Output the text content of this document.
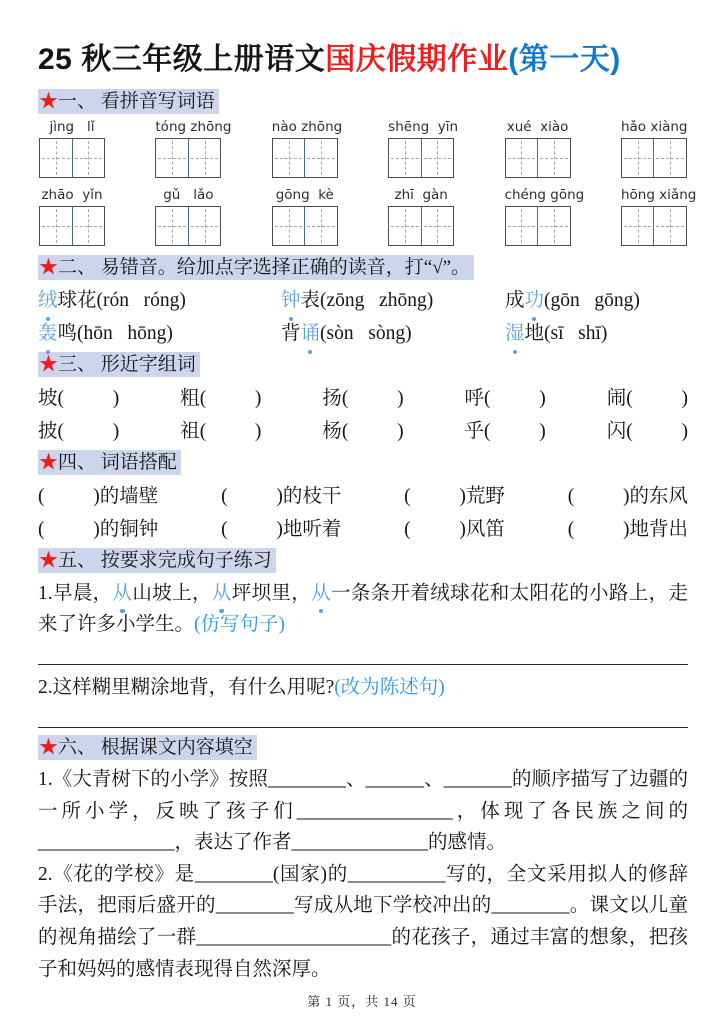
25 秋三年级上册语文国庆假期作业(第一天)
★一、 看拼音写词语
jìng   lǐ	tóng zhōng	nào zhōng	shēng  yīn	xué  xiào	hǎo xiàng
zhāo  yǐn	gǔ   lǎo	gōng  kè	zhī  gàn	chéng gōng	hōng xiǎng
★二、 易错音。给加点字选择正确的读音，打“√”。
绒球花(rón   róng)	钟表(zōng   zhōng)	成功(gōn   gōng)
轰鸣(hōn   hōng)	背诵(sòn   sòng)	湿地(sī   shī)
★三、 形近字组词
坡(          )	粗(          )	扬(          )	呼(          )	闹(          )
披(          )	祖(          )	杨(          )	乎(          )	闪(          )
★四、 词语搭配
(          )的墙壁	(          )的枝干	(          )荒野	(          )的东风
(          )的铜钟	(          )地听着	(          )风笛	(          )地背出
★五、 按要求完成句子练习

1.早晨，从山坡上，从坪坝里，从一条条开着绒球花和太阳花的小路上，走来了许多小学生。(仿写句子)

2.这样糊里糊涂地背，有什么用呢?(改为陈述句)

★六、 根据课文内容填空

1.《大青树下的小学》按照________、______、_______的顺序描写了边疆的一所小学，反映了孩子们________________，体现了各民族之间的______________，表达了作者______________的感情。

2.《花的学校》是________(国家)的__________写的，全文采用拟人的修辞手法，把雨后盛开的________写成从地下学校冲出的________。课文以儿童的视角描绘了一群____________________的花孩子，通过丰富的想象，把孩子和妈妈的感情表现得自然深厚。

第 1 页，共 14 页
